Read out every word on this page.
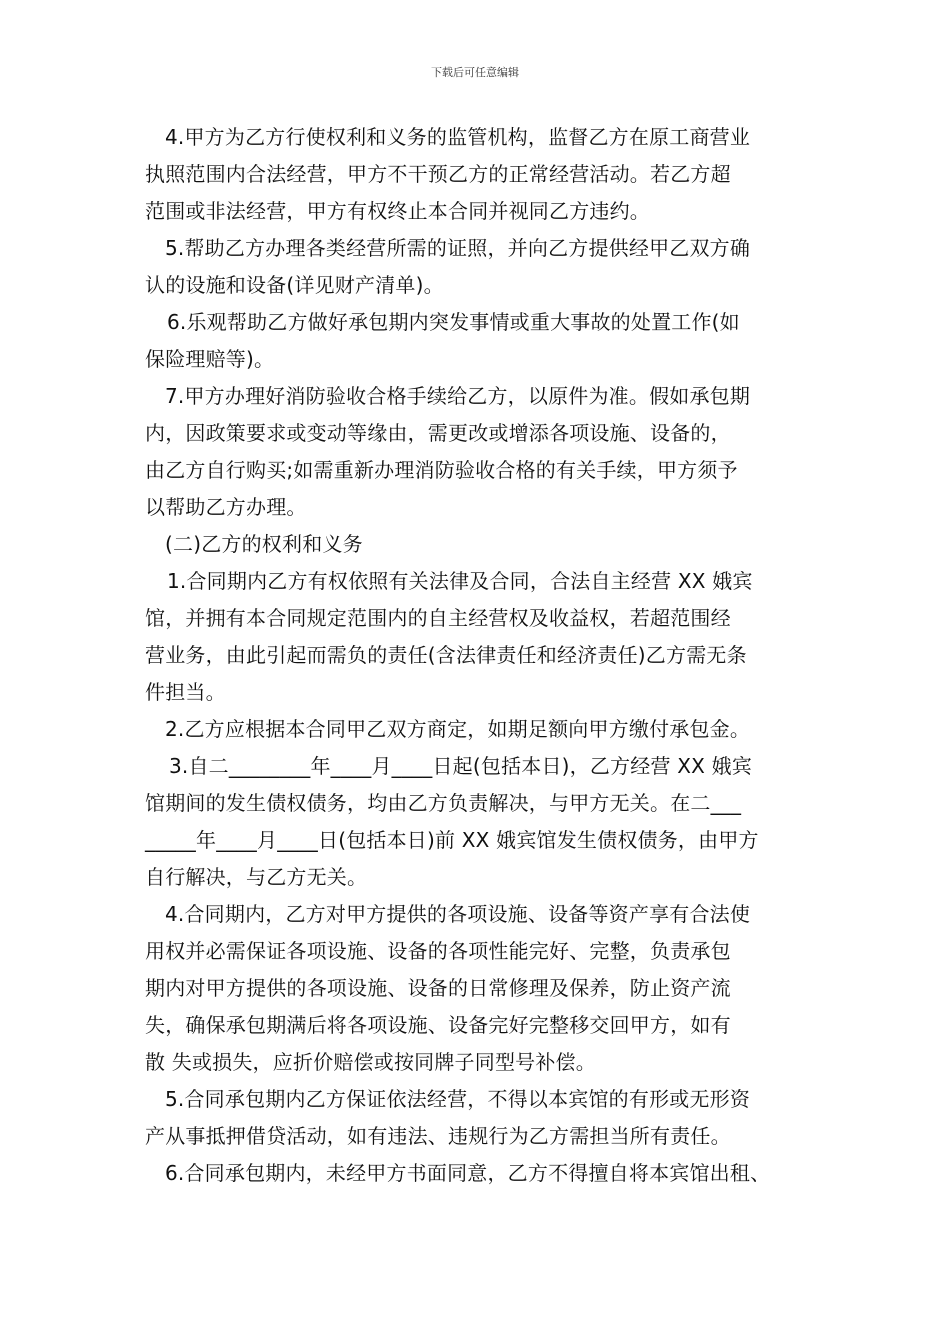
下载后可任意编辑
4.甲方为乙方行使权利和义务的监管机构，监督乙方在原工商营业
执照范围内合法经营，甲方不干预乙方的正常经营活动。若乙方超
范围或非法经营，甲方有权终止本合同并视同乙方违约。
5.帮助乙方办理各类经营所需的证照，并向乙方提供经甲乙双方确
认的设施和设备(详见财产清单)。
6.乐观帮助乙方做好承包期内突发事情或重大事故的处置工作(如
保险理赔等)。
7.甲方办理好消防验收合格手续给乙方，以原件为准。假如承包期
内，因政策要求或变动等缘由，需更改或增添各项设施、设备的，
由乙方自行购买;如需重新办理消防验收合格的有关手续，甲方须予
以帮助乙方办理。
(二)乙方的权利和义务
1.合同期内乙方有权依照有关法律及合同，合法自主经营 XX 娥宾
馆，并拥有本合同规定范围内的自主经营权及收益权，若超范围经
营业务，由此引起而需负的责任(含法律责任和经济责任)乙方需无条
件担当。
2.乙方应根据本合同甲乙双方商定，如期足额向甲方缴付承包金。
3.自二________年____月____日起(包括本日)，乙方经营 XX 娥宾
馆期间的发生债权债务，均由乙方负责解决，与甲方无关。在二___
_____年____月____日(包括本日)前 XX 娥宾馆发生债权债务，由甲方
自行解决，与乙方无关。
4.合同期内，乙方对甲方提供的各项设施、设备等资产享有合法使
用权并必需保证各项设施、设备的各项性能完好、完整，负责承包
期内对甲方提供的各项设施、设备的日常修理及保养，防止资产流
失，确保承包期满后将各项设施、设备完好完整移交回甲方，如有
散 失或损失，应折价赔偿或按同牌子同型号补偿。
5.合同承包期内乙方保证依法经营，不得以本宾馆的有形或无形资
产从事抵押借贷活动，如有违法、违规行为乙方需担当所有责任。
6.合同承包期内，未经甲方书面同意，乙方不得擅自将本宾馆出租、
